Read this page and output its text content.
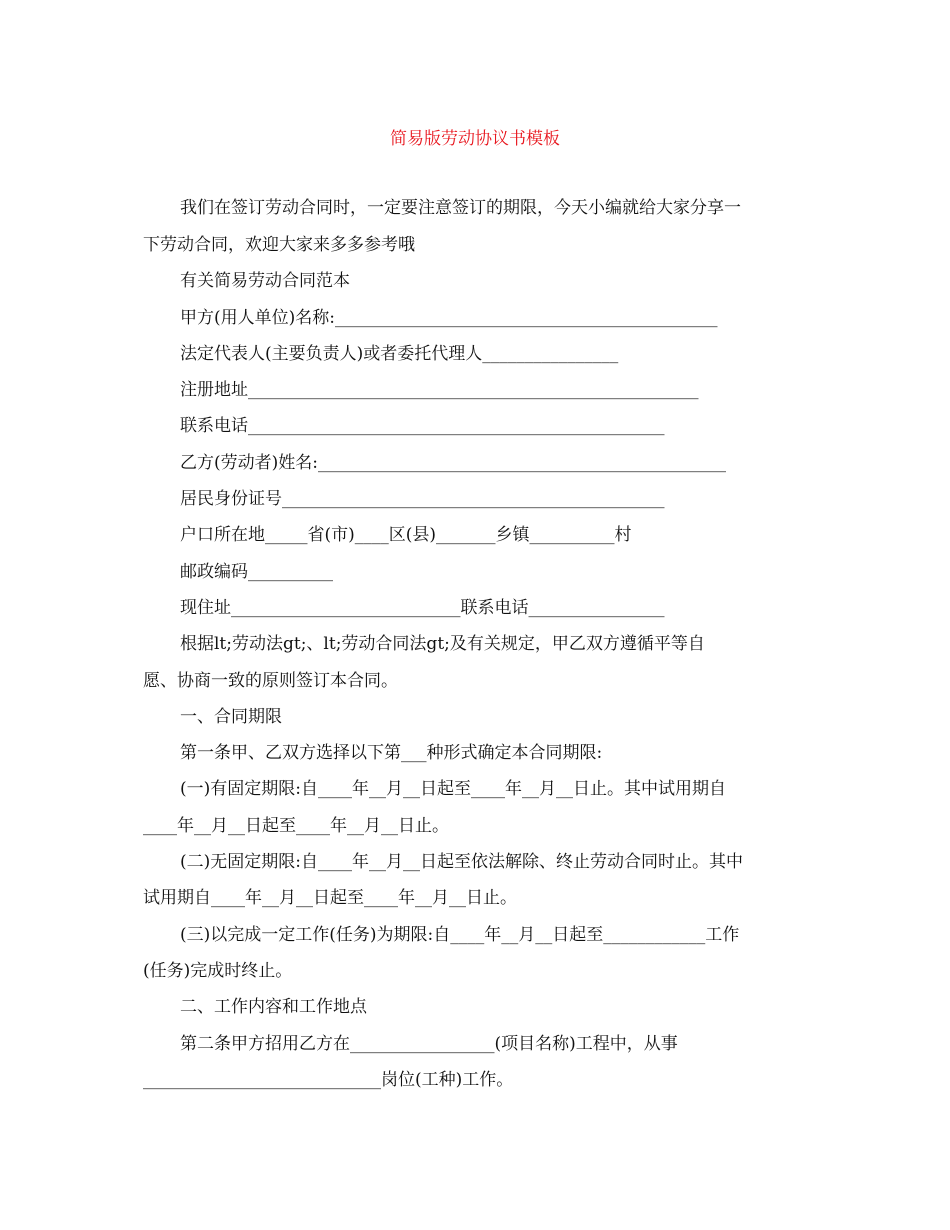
简易版劳动协议书模板
我们在签订劳动合同时，一定要注意签订的期限，今天小编就给大家分享一
下劳动合同，欢迎大家来多多参考哦
有关简易劳动合同范本
甲方(用人单位)名称:_____________________________________________
法定代表人(主要负责人)或者委托代理人________________
注册地址_____________________________________________________
联系电话_________________________________________________
乙方(劳动者)姓名:________________________________________________
居民身份证号_____________________________________________
户口所在地_____省(市)____区(县)_______乡镇__________村
邮政编码__________
现住址___________________________联系电话________________
根据lt;劳动法gt;、lt;劳动合同法gt;及有关规定，甲乙双方遵循平等自
愿、协商一致的原则签订本合同。
一、合同期限
第一条甲、乙双方选择以下第___种形式确定本合同期限:
(一)有固定期限:自____年__月__日起至____年__月__日止。其中试用期自
____年__月__日起至____年__月__日止。
(二)无固定期限:自____年__月__日起至依法解除、终止劳动合同时止。其中
试用期自____年__月__日起至____年__月__日止。
(三)以完成一定工作(任务)为期限:自____年__月__日起至____________工作
(任务)完成时终止。
二、工作内容和工作地点
第二条甲方招用乙方在_________________(项目名称)工程中，从事
____________________________岗位(工种)工作。
